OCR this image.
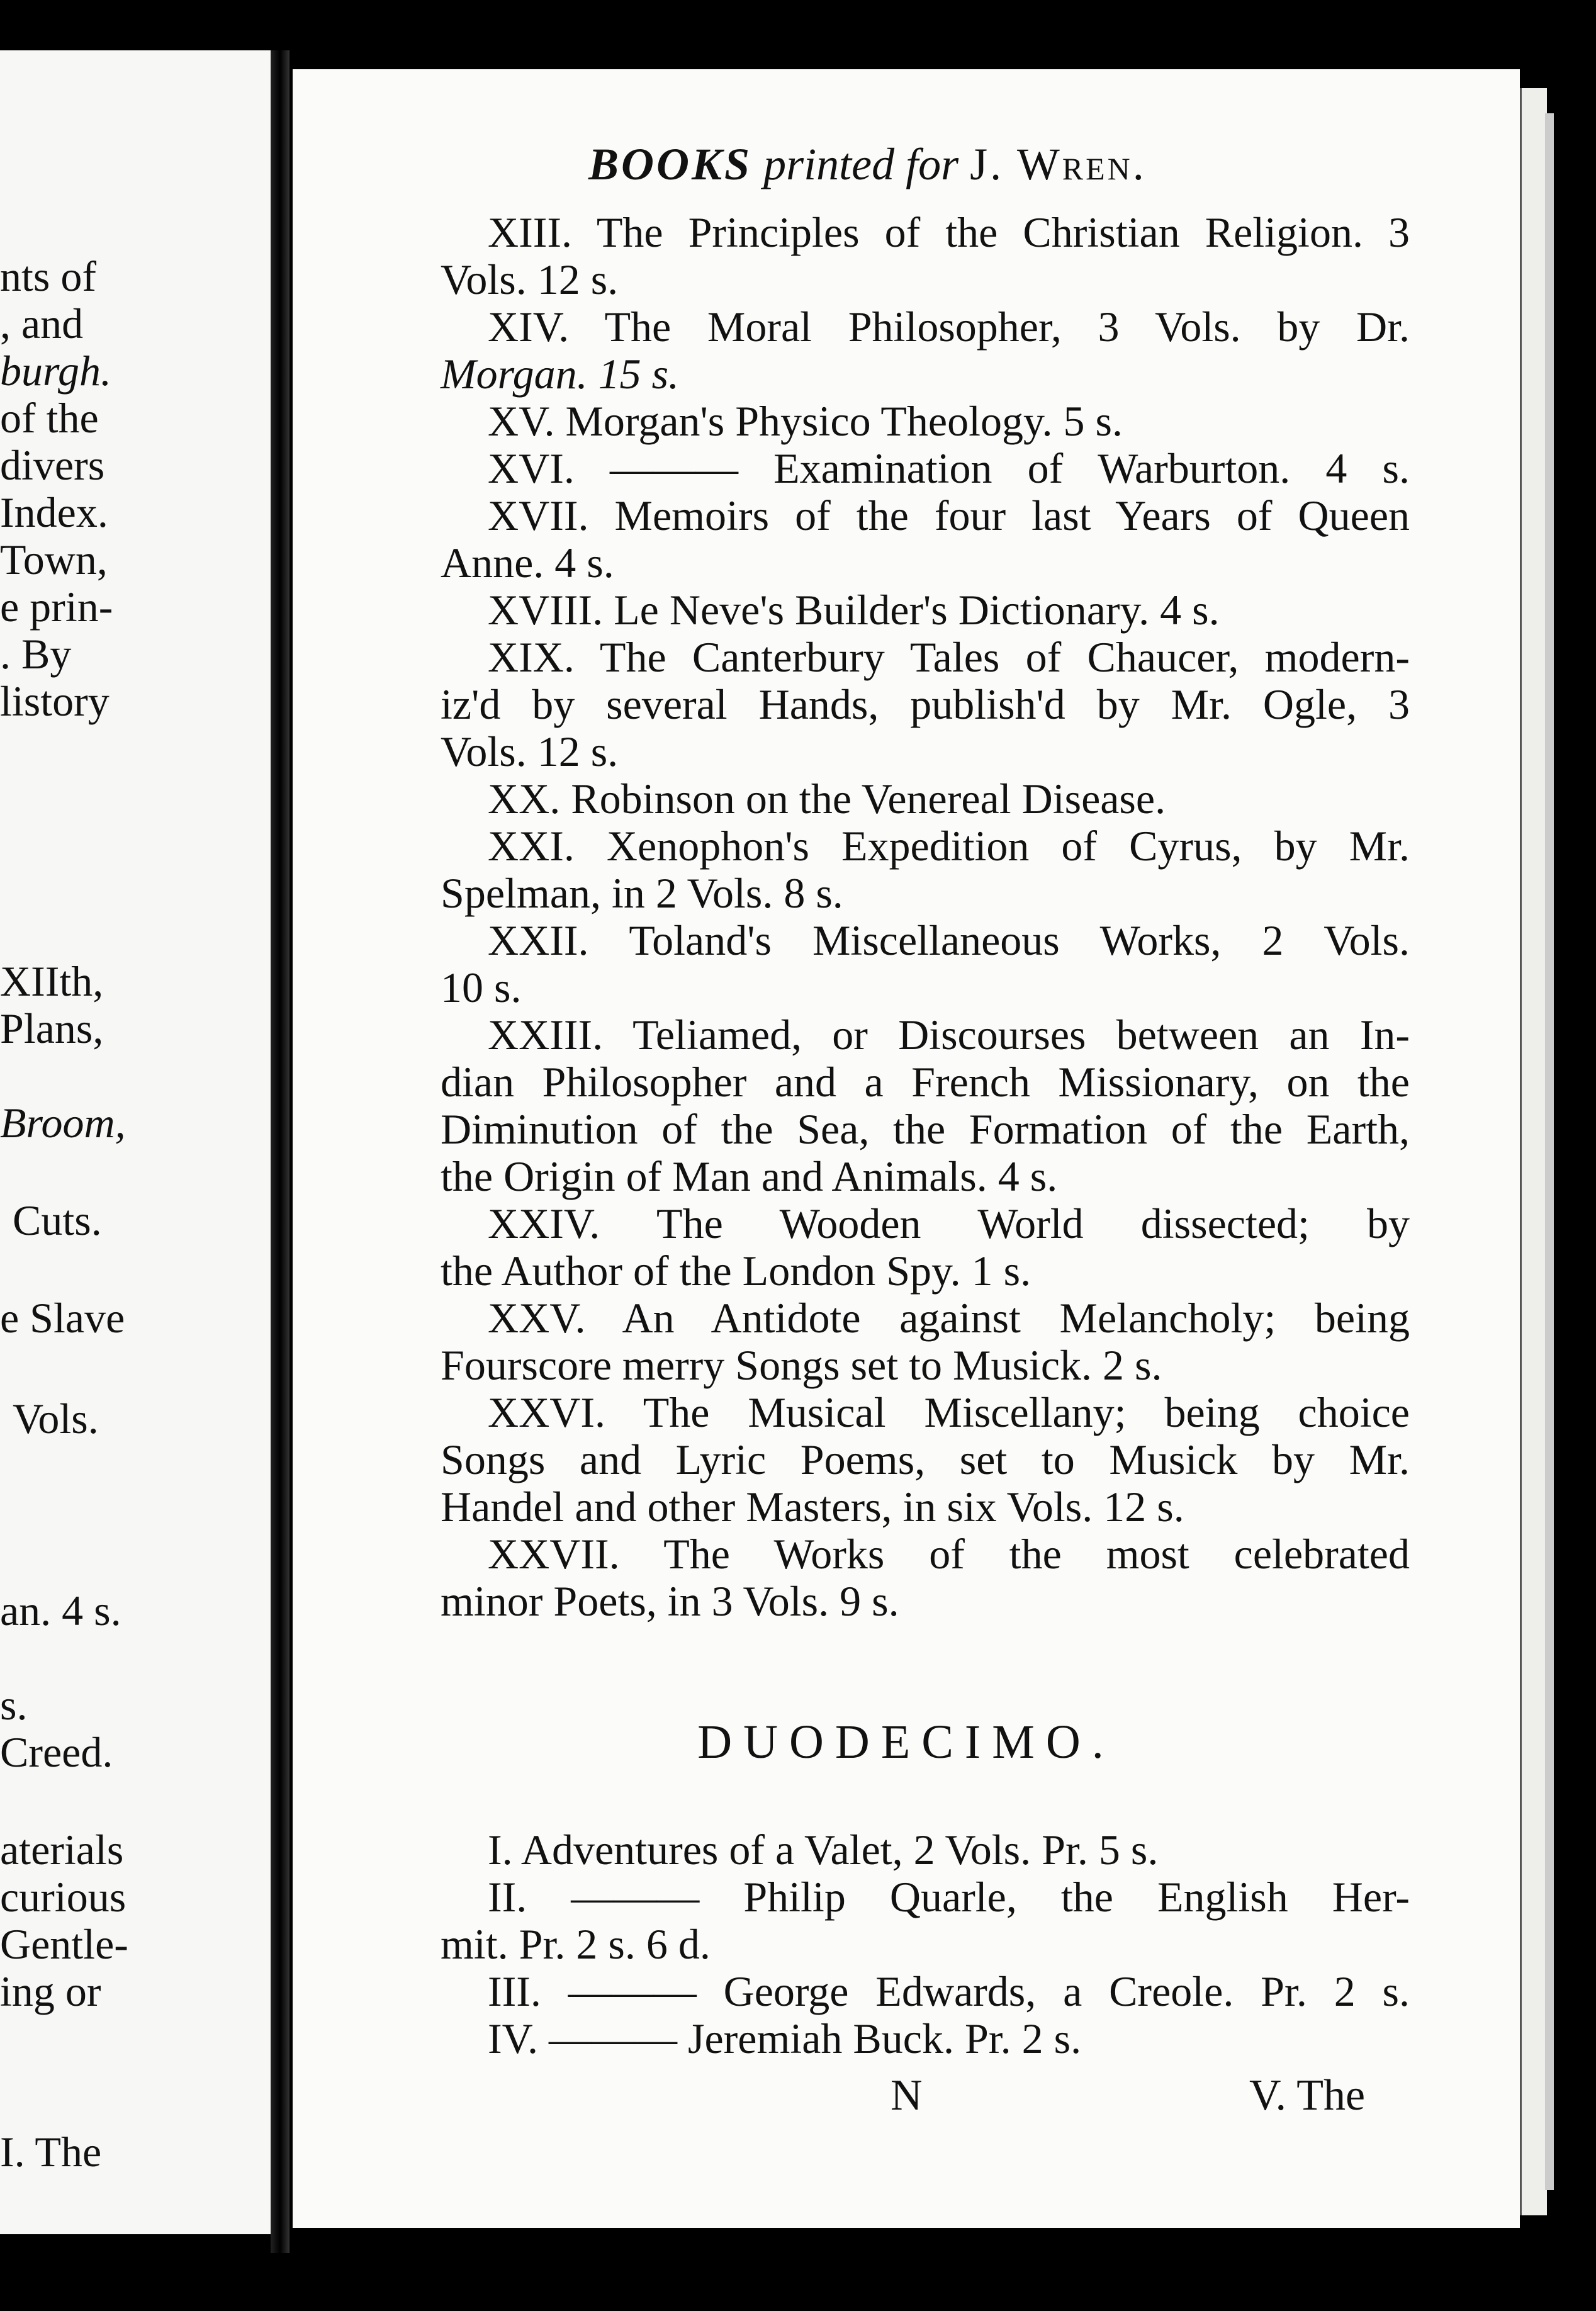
nts of
, and
burgh.
of the
divers
Index.
Town,
e prin-
. By
listory
XIIth,
Plans,
Broom,
Cuts.
e Slave
Vols.
an. 4 s.
s.
Creed.
aterials
curious
Gentle-
ing or
I. The
BOOKS printed for J. Wren.
XIII. The Principles of the Christian Religion. 3
Vols. 12 s.
XIV. The Moral Philosopher, 3 Vols. by Dr.
Morgan. 15 s.
XV. Morgan's Physico Theology. 5 s.
XVI. ——— Examination of Warburton. 4 s.
XVII. Memoirs of the four last Years of Queen
Anne. 4 s.
XVIII. Le Neve's Builder's Dictionary. 4 s.
XIX. The Canterbury Tales of Chaucer, modern-
iz'd by several Hands, publish'd by Mr. Ogle, 3
Vols. 12 s.
XX. Robinson on the Venereal Disease.
XXI. Xenophon's Expedition of Cyrus, by Mr.
Spelman, in 2 Vols. 8 s.
XXII. Toland's Miscellaneous Works, 2 Vols.
10 s.
XXIII. Teliamed, or Discourses between an In-
dian Philosopher and a French Missionary, on the
Diminution of the Sea, the Formation of the Earth,
the Origin of Man and Animals. 4 s.
XXIV. The Wooden World dissected; by
the Author of the London Spy. 1 s.
XXV. An Antidote against Melancholy; being
Fourscore merry Songs set to Musick. 2 s.
XXVI. The Musical Miscellany; being choice
Songs and Lyric Poems, set to Musick by Mr.
Handel and other Masters, in six Vols. 12 s.
XXVII. The Works of the most celebrated
minor Poets, in 3 Vols. 9 s.
DUODECIMO.
I. Adventures of a Valet, 2 Vols. Pr. 5 s.
II. ——— Philip Quarle, the English Her-
mit. Pr. 2 s. 6 d.
III. ——— George Edwards, a Creole. Pr. 2 s.
IV. ——— Jeremiah Buck. Pr. 2 s.
N	V. The
